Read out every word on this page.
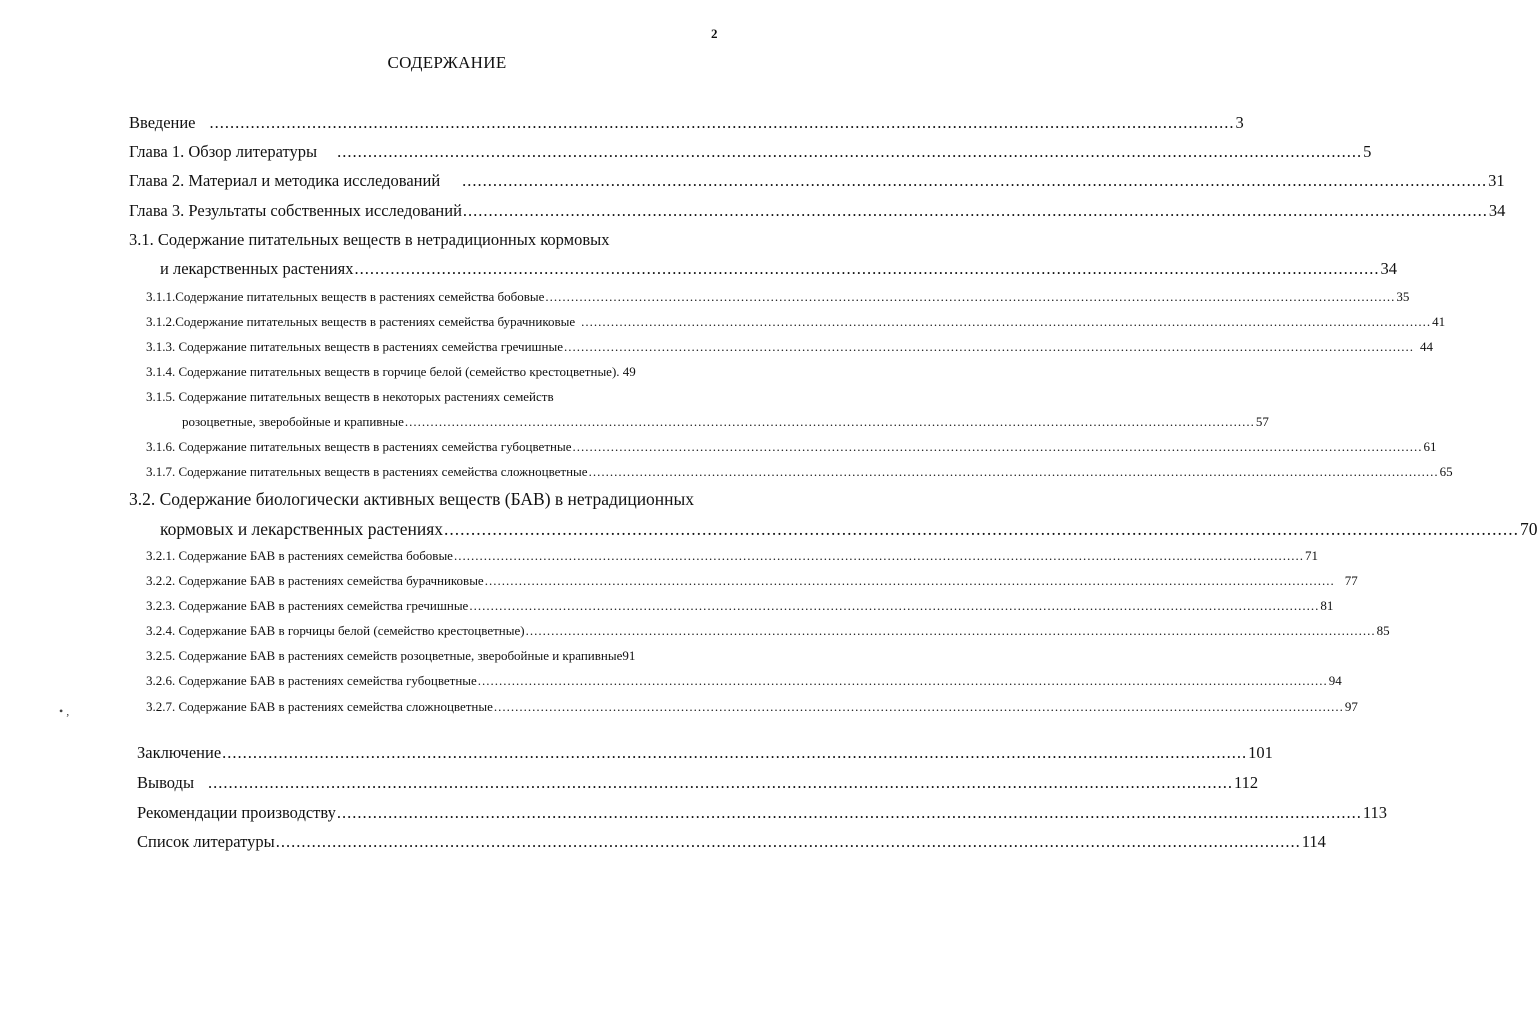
2
СОДЕРЖАНИЕ
Введение ........................................................................................................................................................................................................ 3
Глава 1. Обзор литературы ........................................................................................................................................................................................................ 5
Глава 2. Материал и методика исследований ........................................................................................................................................................................................................ 31
Глава 3. Результаты собственных исследований ........................................................................................................................................................................................................ 34
3.1. Содержание питательных веществ в нетрадиционных кормовых
и лекарственных растениях ........................................................................................................................................................................................................ 34
3.1.1.Содержание питательных веществ в растениях семейства бобовые ........................................................................................................................................................................................................ 35
3.1.2.Содержание питательных веществ в растениях семейства бурачниковые ........................................................................................................................................................................................................ 41
3.1.3. Содержание питательных веществ в растениях семейства гречишные ........................................................................................................................................................................................................ 44
3.1.4. Содержание питательных веществ в горчице белой (семейство крестоцветные). 49
3.1.5. Содержание питательных веществ в некоторых растениях семейств
розоцветные, зверобойные и крапивные ........................................................................................................................................................................................................ 57
3.1.6. Содержание питательных веществ в растениях семейства губоцветные ........................................................................................................................................................................................................ 61
3.1.7. Содержание питательных веществ в растениях семейства сложноцветные ........................................................................................................................................................................................................ 65
3.2. Содержание биологически активных веществ (БАВ) в нетрадиционных
кормовых и лекарственных растениях ........................................................................................................................................................................................................ 70
3.2.1. Содержание БАВ в растениях семейства бобовые ........................................................................................................................................................................................................ 71
3.2.2. Содержание БАВ в растениях семейства бурачниковые ........................................................................................................................................................................................................ 77
3.2.3. Содержание БАВ в растениях семейства гречишные ........................................................................................................................................................................................................ 81
3.2.4. Содержание БАВ в горчицы белой (семейство крестоцветные) ........................................................................................................................................................................................................ 85
3.2.5. Содержание БАВ в растениях семейств розоцветные, зверобойные и крапивные91
3.2.6. Содержание БАВ в растениях семейства губоцветные ........................................................................................................................................................................................................ 94
3.2.7. Содержание БАВ в растениях семейства сложноцветные ........................................................................................................................................................................................................ 97
• ,
Заключение ........................................................................................................................................................................................................ 101
Выводы ........................................................................................................................................................................................................ 112
Рекомендации производству ........................................................................................................................................................................................................ 113
Список литературы ........................................................................................................................................................................................................ 114
